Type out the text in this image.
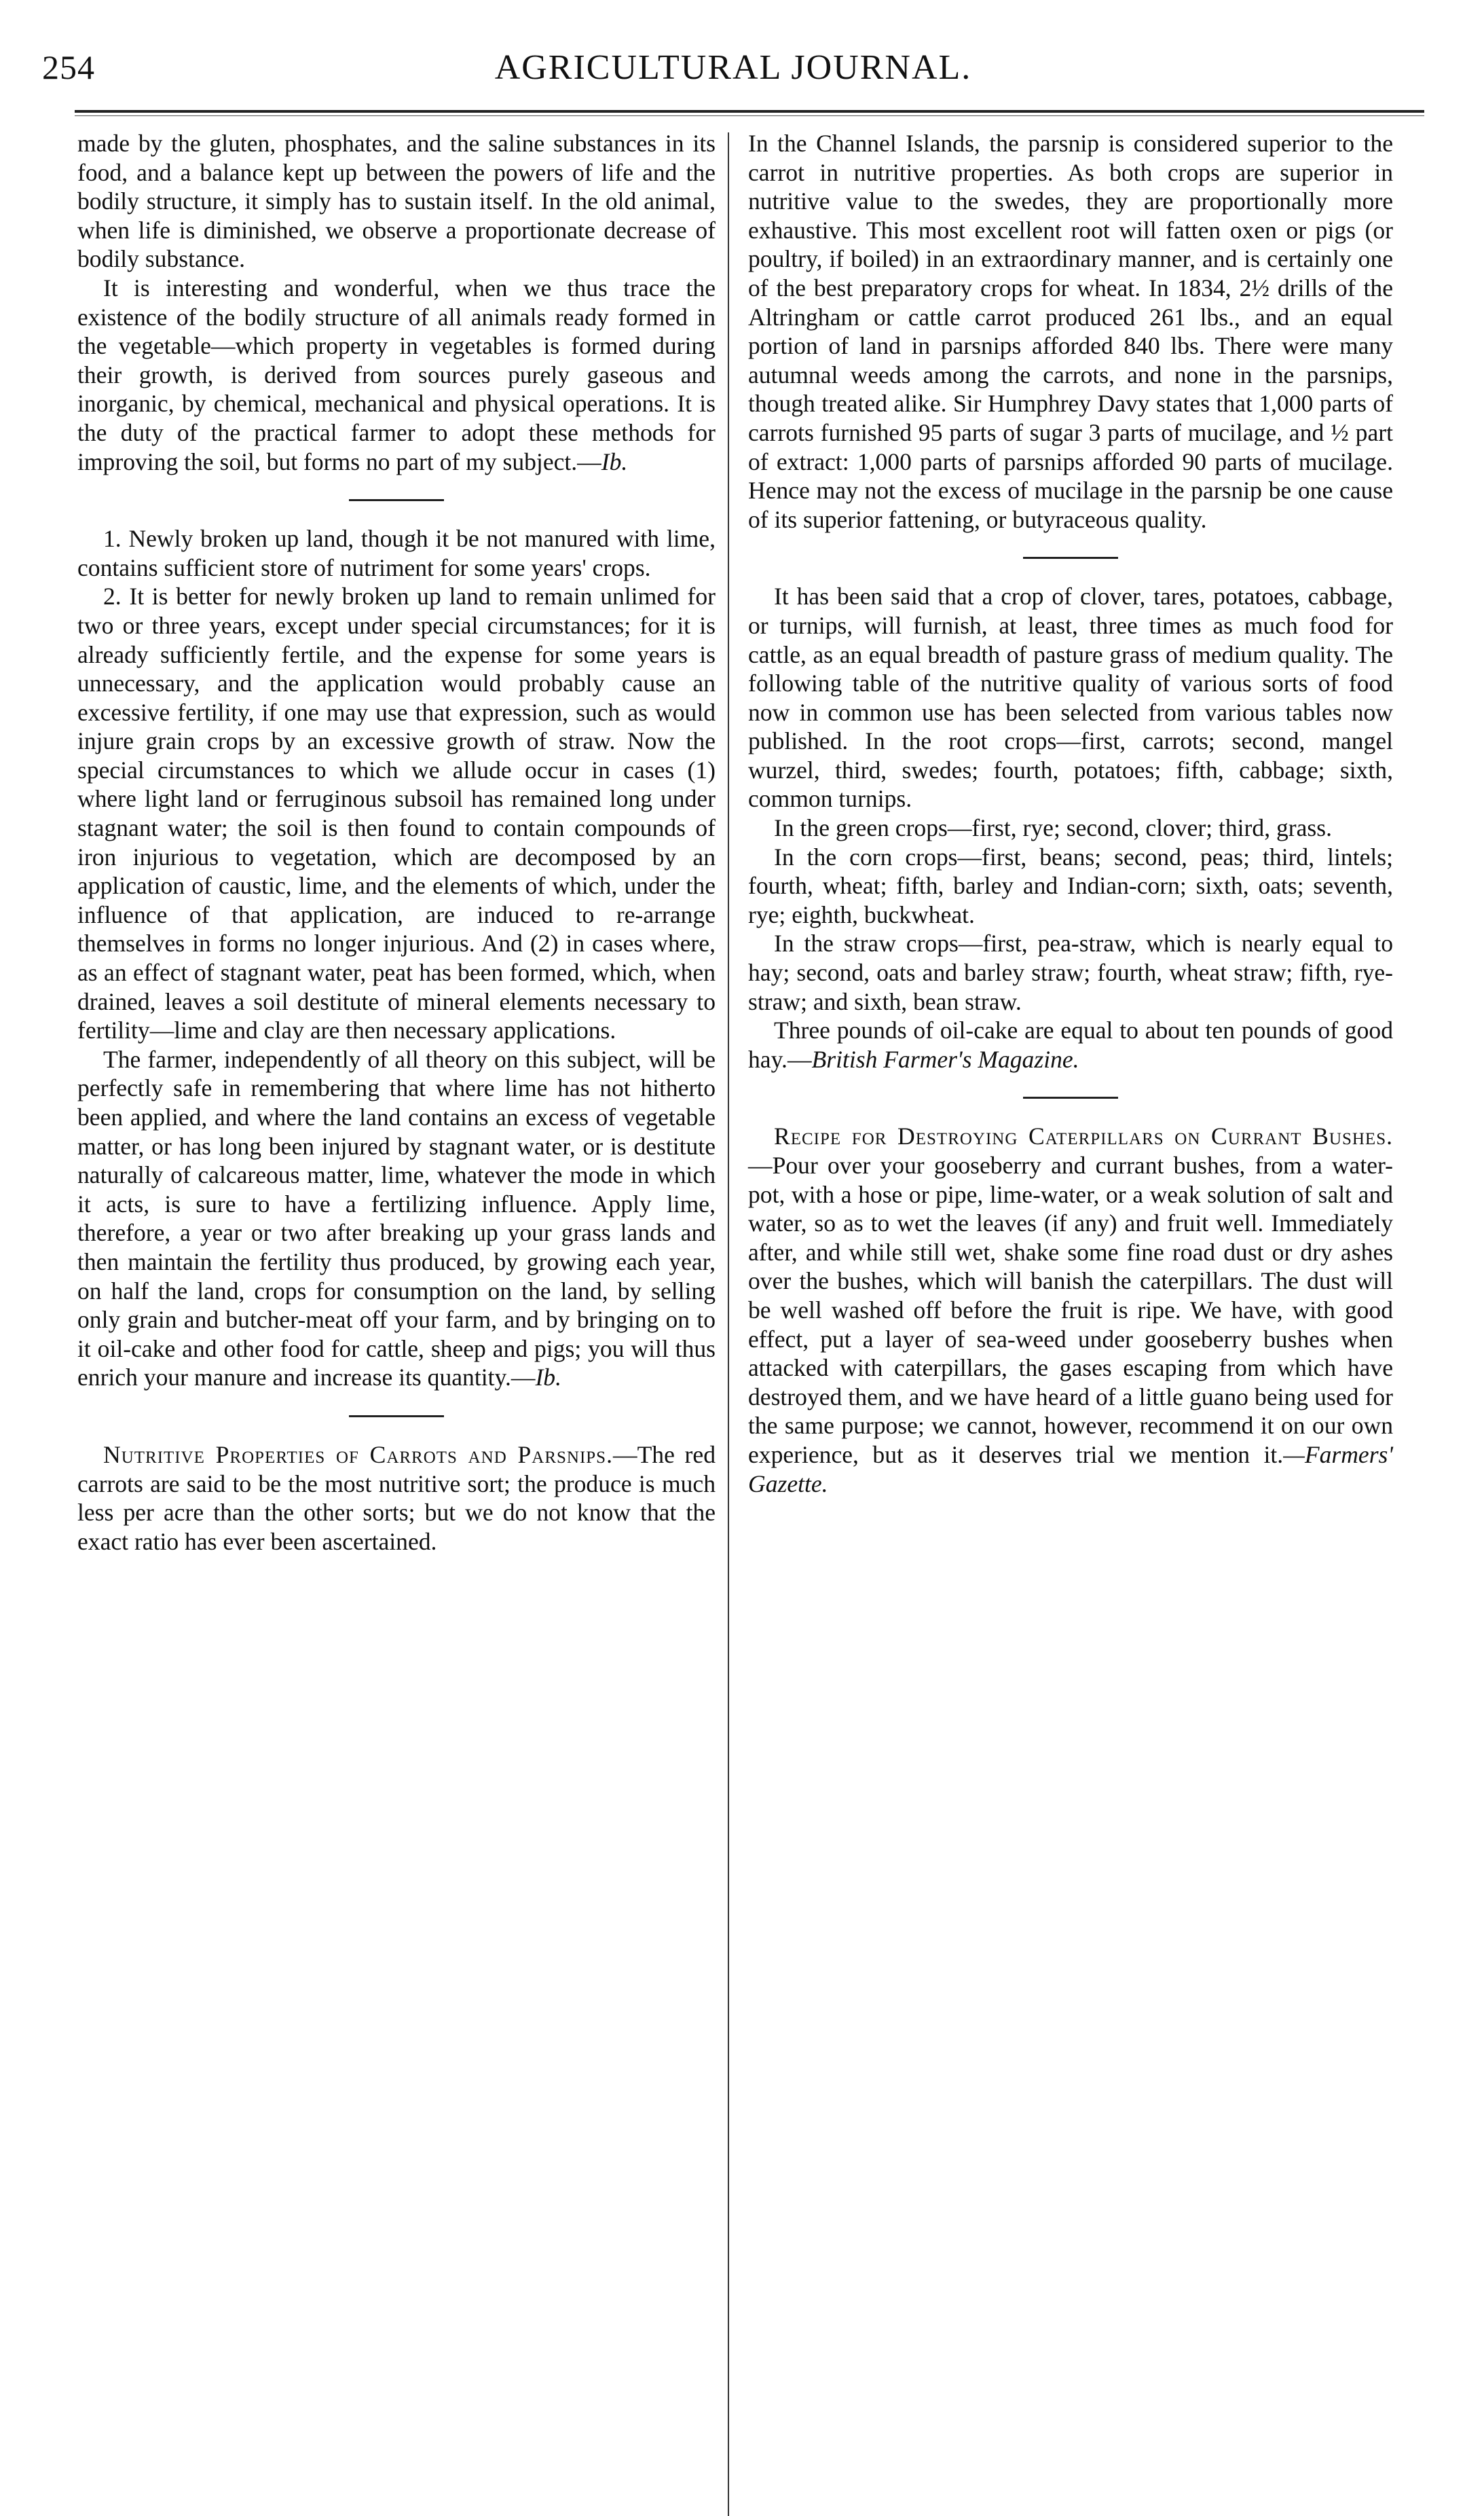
254	AGRICULTURAL JOURNAL.

made by the gluten, phosphates, and the saline substances in its food, and a balance kept up between the powers of life and the bodily structure, it simply has to sustain itself. In the old animal, when life is diminished, we observe a proportionate decrease of bodily substance.

It is interesting and wonderful, when we thus trace the existence of the bodily structure of all animals ready formed in the vegetable—which property in vegetables is formed during their growth, is derived from sources purely gaseous and inorganic, by chemical, mechanical and physical operations. It is the duty of the practical farmer to adopt these methods for improving the soil, but forms no part of my subject.—Ib.

1. Newly broken up land, though it be not manured with lime, contains sufficient store of nutriment for some years' crops.

2. It is better for newly broken up land to remain unlimed for two or three years, except under special circumstances; for it is already sufficiently fertile, and the expense for some years is unnecessary, and the application would probably cause an excessive fertility, if one may use that expression, such as would injure grain crops by an excessive growth of straw. Now the special circumstances to which we allude occur in cases (1) where light land or ferruginous subsoil has remained long under stagnant water; the soil is then found to contain compounds of iron injurious to vegetation, which are decomposed by an application of caustic, lime, and the elements of which, under the influence of that application, are induced to re-arrange themselves in forms no longer injurious. And (2) in cases where, as an effect of stagnant water, peat has been formed, which, when drained, leaves a soil destitute of mineral elements necessary to fertility—lime and clay are then necessary applications.

The farmer, independently of all theory on this subject, will be perfectly safe in remembering that where lime has not hitherto been applied, and where the land contains an excess of vegetable matter, or has long been injured by stagnant water, or is destitute naturally of calcareous matter, lime, whatever the mode in which it acts, is sure to have a fertilizing influence. Apply lime, therefore, a year or two after breaking up your grass lands and then maintain the fertility thus produced, by growing each year, on half the land, crops for consumption on the land, by selling only grain and butcher-meat off your farm, and by bringing on to it oil-cake and other food for cattle, sheep and pigs; you will thus enrich your manure and increase its quantity.—Ib.

Nutritive Properties of Carrots and Parsnips.—The red carrots are said to be the most nutritive sort; the produce is much less per acre than the other sorts; but we do not know that the exact ratio has ever been ascertained.

In the Channel Islands, the parsnip is considered superior to the carrot in nutritive properties. As both crops are superior in nutritive value to the swedes, they are proportionally more exhaustive. This most excellent root will fatten oxen or pigs (or poultry, if boiled) in an extraordinary manner, and is certainly one of the best preparatory crops for wheat. In 1834, 2½ drills of the Altringham or cattle carrot produced 261 lbs., and an equal portion of land in parsnips afforded 840 lbs. There were many autumnal weeds among the carrots, and none in the parsnips, though treated alike. Sir Humphrey Davy states that 1,000 parts of carrots furnished 95 parts of sugar 3 parts of mucilage, and ½ part of extract: 1,000 parts of parsnips afforded 90 parts of mucilage. Hence may not the excess of mucilage in the parsnip be one cause of its superior fattening, or butyraceous quality.

It has been said that a crop of clover, tares, potatoes, cabbage, or turnips, will furnish, at least, three times as much food for cattle, as an equal breadth of pasture grass of medium quality. The following table of the nutritive quality of various sorts of food now in common use has been selected from various tables now published. In the root crops—first, carrots; second, mangel wurzel, third, swedes; fourth, potatoes; fifth, cabbage; sixth, common turnips.

In the green crops—first, rye; second, clover; third, grass.

In the corn crops—first, beans; second, peas; third, lintels; fourth, wheat; fifth, barley and Indian-corn; sixth, oats; seventh, rye; eighth, buckwheat.

In the straw crops—first, pea-straw, which is nearly equal to hay; second, oats and barley straw; fourth, wheat straw; fifth, rye-straw; and sixth, bean straw.

Three pounds of oil-cake are equal to about ten pounds of good hay.—British Farmer's Magazine.

Recipe for Destroying Caterpillars on Currant Bushes.—Pour over your gooseberry and currant bushes, from a water-pot, with a hose or pipe, lime-water, or a weak solution of salt and water, so as to wet the leaves (if any) and fruit well. Immediately after, and while still wet, shake some fine road dust or dry ashes over the bushes, which will banish the caterpillars. The dust will be well washed off before the fruit is ripe. We have, with good effect, put a layer of sea-weed under gooseberry bushes when attacked with caterpillars, the gases escaping from which have destroyed them, and we have heard of a little guano being used for the same purpose; we cannot, however, recommend it on our own experience, but as it deserves trial we mention it.—Farmers' Gazette.
